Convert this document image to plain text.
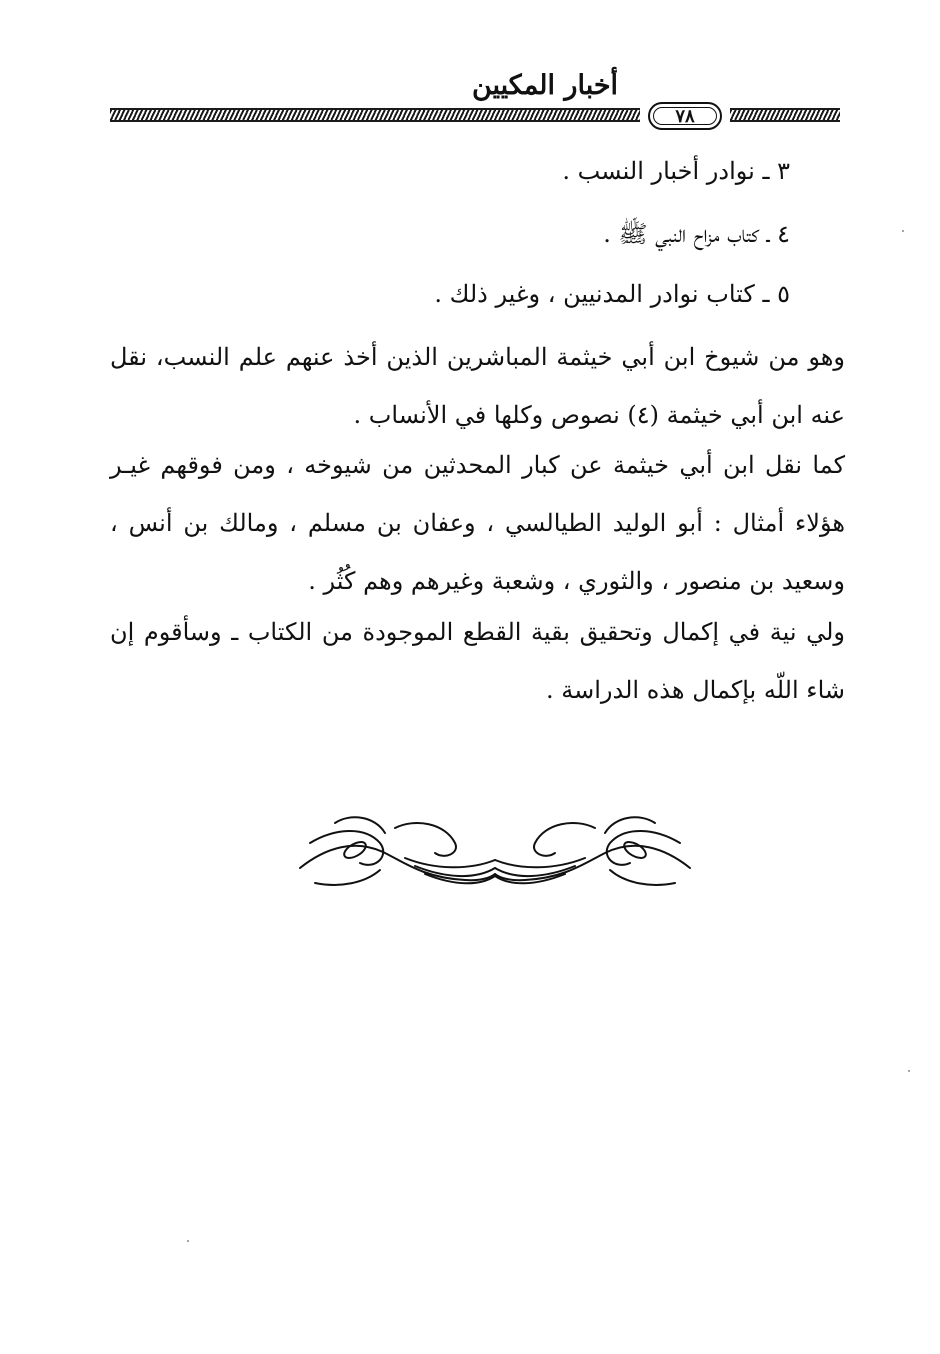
أخبار المكيين
٧٨
٣ ـ نوادر أخبار النسب .
٤ ـ كتاب مزاح النبي ﷺ .
٥ ـ كتاب نوادر المدنيين ، وغير ذلك .
وهو من شيوخ ابن أبي خيثمة المباشرين الذين أخذ عنهم علم النسب، نقل عنه ابن أبي خيثمة (٤) نصوص وكلها في الأنساب .
كما نقل ابن أبي خيثمة عن كبار المحدثين من شيوخه ، ومن فوقهم غيـر هؤلاء أمثال : أبو الوليد الطيالسي ، وعفان بن مسلم ، ومالك بن أنس ، وسعيد بن منصور ، والثوري ، وشعبة وغيرهم وهم كُثُر .
ولي نية في إكمال وتحقيق بقية القطع الموجودة من الكتاب ـ وسأقوم إن شاء اللّه بإكمال هذه الدراسة .
